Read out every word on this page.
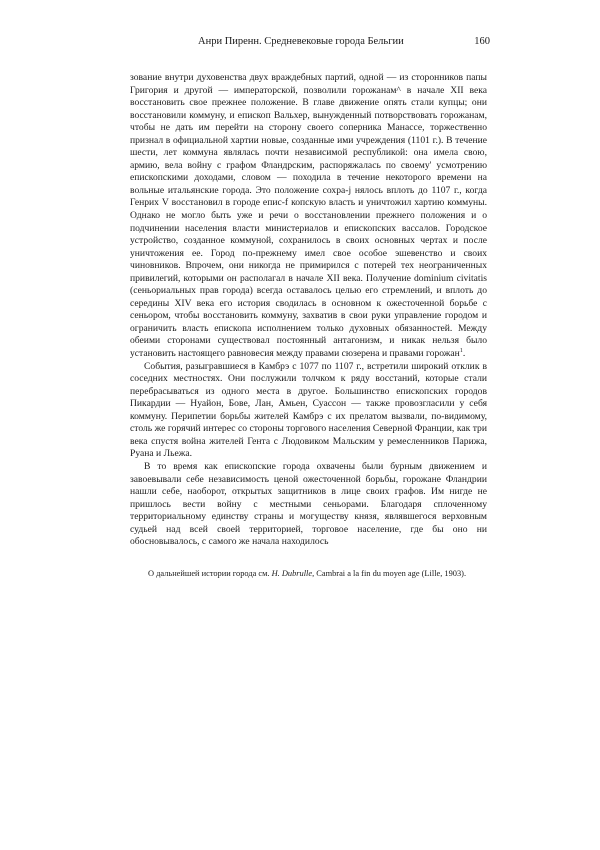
Анри Пиренн. Средневековые города Бельгии	160

зование внутри духовенства двух враждебных партий, одной — из сторонников папы Григория и другой — императорской, позволили горожанам^ в начале XII века восстановить свое прежнее положение. В главе движение опять стали купцы; они восстановили коммуну, и епископ Вальхер, вынужденный потворствовать горожанам, чтобы не дать им перейти на сторону своего соперника Манассе, торжественно признал в официальной хартии новые, созданные ими учреждения (1101 г.). В течение шести, лет коммуна являлась почти независимой республикой: она имела свою, армию, вела войну с графом Фландрским, распоряжалась по своему' усмотрению епископскими доходами, словом — походила в течение некоторого времени на вольные итальянские города. Это положение сохра-j нялось вплоть до 1107 г., когда Генрих V восстановил в городе епис-f копскую власть и уничтожил хартию коммуны. Однако не могло быть уже и речи о восстановлении прежнего положения и о подчинении населения власти министериалов и епископских вассалов. Городское устройство, созданное коммуной, сохранилось в своих основных чертах и после уничтожения ее. Город по-прежнему имел свое особое эшевенство и своих чиновников. Впрочем, они никогда не примирился с потерей тех неограниченных привилегий, которыми он располагал в начале XII века. Получение dominium civitatis (сеньориальных прав города) всегда оставалось целью его стремлений, и вплоть до середины XIV века его история сводилась в основном к ожесточенной борьбе с сеньором, чтобы восстановить коммуну, захватив в свои руки управление городом и ограничить власть епископа исполнением только духовных обязанностей. Между обеими сторонами существовал постоянный антагонизм, и никак нельзя было установить настоящего равновесия между правами сюзерена и правами горожан$^1$.

События, разыгравшиеся в Камбрэ с 1077 по 1107 г., встретили широкий отклик в соседних местностях. Они послужили толчком к ряду восстаний, которые стали перебрасываться из одного места в другое. Большинство епископских городов Пикардии — Нуайон, Бове, Лан, Амьен, Суассон — также провозгласили у себя коммуну. Перипетии борьбы жителей Камбрэ с их прелатом вызвали, по-видимому, столь же горячий интерес со стороны торгового населения Северной Франции, как три века спустя война жителей Гента с Людовиком Мальским у ремесленников Парижа, Руана и Льежа.

В то время как епископские города охвачены были бурным движением и завоевывали себе независимость ценой ожесточенной борьбы, горожане Фландрии нашли себе, наоборот, открытых защитников в лице своих графов. Им нигде не пришлось вести войну с местными сеньорами. Благодаря сплоченному территориальному единству страны и могуществу князя, являвшегося верховным судьей над всей своей территорией, торговое население, где бы оно ни обосновывалось, с самого же начала находилось

О дальнейшей истории города см. H. Dubrulle, Cambrai a la fin du moyen age (Lille, 1903).
